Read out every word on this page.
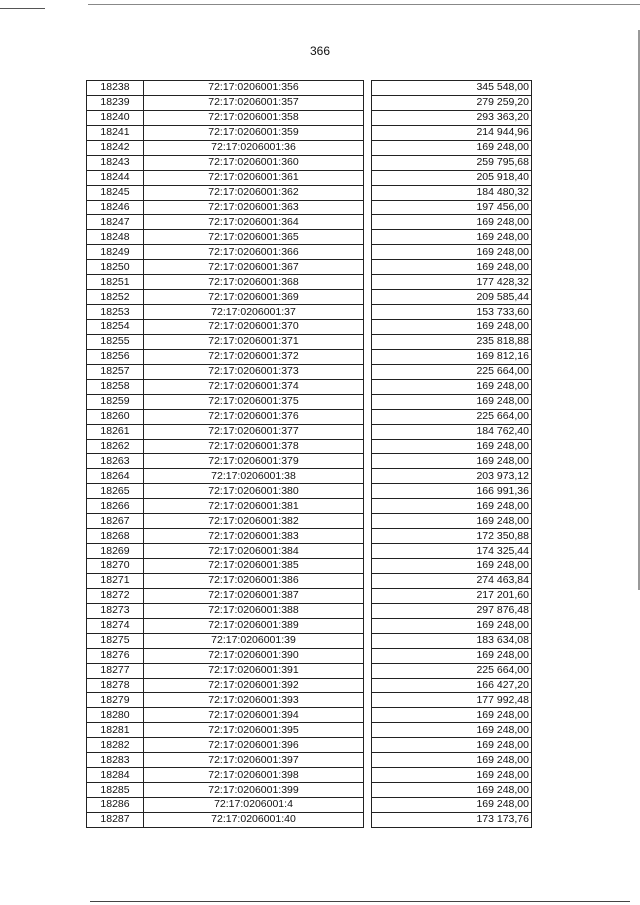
366
18238	72:17:0206001:356		345 548,00
18239	72:17:0206001:357		279 259,20
18240	72:17:0206001:358		293 363,20
18241	72:17:0206001:359		214 944,96
18242	72:17:0206001:36		169 248,00
18243	72:17:0206001:360		259 795,68
18244	72:17:0206001:361		205 918,40
18245	72:17:0206001:362		184 480,32
18246	72:17:0206001:363		197 456,00
18247	72:17:0206001:364		169 248,00
18248	72:17:0206001:365		169 248,00
18249	72:17:0206001:366		169 248,00
18250	72:17:0206001:367		169 248,00
18251	72:17:0206001:368		177 428,32
18252	72:17:0206001:369		209 585,44
18253	72:17:0206001:37		153 733,60
18254	72:17:0206001:370		169 248,00
18255	72:17:0206001:371		235 818,88
18256	72:17:0206001:372		169 812,16
18257	72:17:0206001:373		225 664,00
18258	72:17:0206001:374		169 248,00
18259	72:17:0206001:375		169 248,00
18260	72:17:0206001:376		225 664,00
18261	72:17:0206001:377		184 762,40
18262	72:17:0206001:378		169 248,00
18263	72:17:0206001:379		169 248,00
18264	72:17:0206001:38		203 973,12
18265	72:17:0206001:380		166 991,36
18266	72:17:0206001:381		169 248,00
18267	72:17:0206001:382		169 248,00
18268	72:17:0206001:383		172 350,88
18269	72:17:0206001:384		174 325,44
18270	72:17:0206001:385		169 248,00
18271	72:17:0206001:386		274 463,84
18272	72:17:0206001:387		217 201,60
18273	72:17:0206001:388		297 876,48
18274	72:17:0206001:389		169 248,00
18275	72:17:0206001:39		183 634,08
18276	72:17:0206001:390		169 248,00
18277	72:17:0206001:391		225 664,00
18278	72:17:0206001:392		166 427,20
18279	72:17:0206001:393		177 992,48
18280	72:17:0206001:394		169 248,00
18281	72:17:0206001:395		169 248,00
18282	72:17:0206001:396		169 248,00
18283	72:17:0206001:397		169 248,00
18284	72:17:0206001:398		169 248,00
18285	72:17:0206001:399		169 248,00
18286	72:17:0206001:4		169 248,00
18287	72:17:0206001:40		173 173,76
